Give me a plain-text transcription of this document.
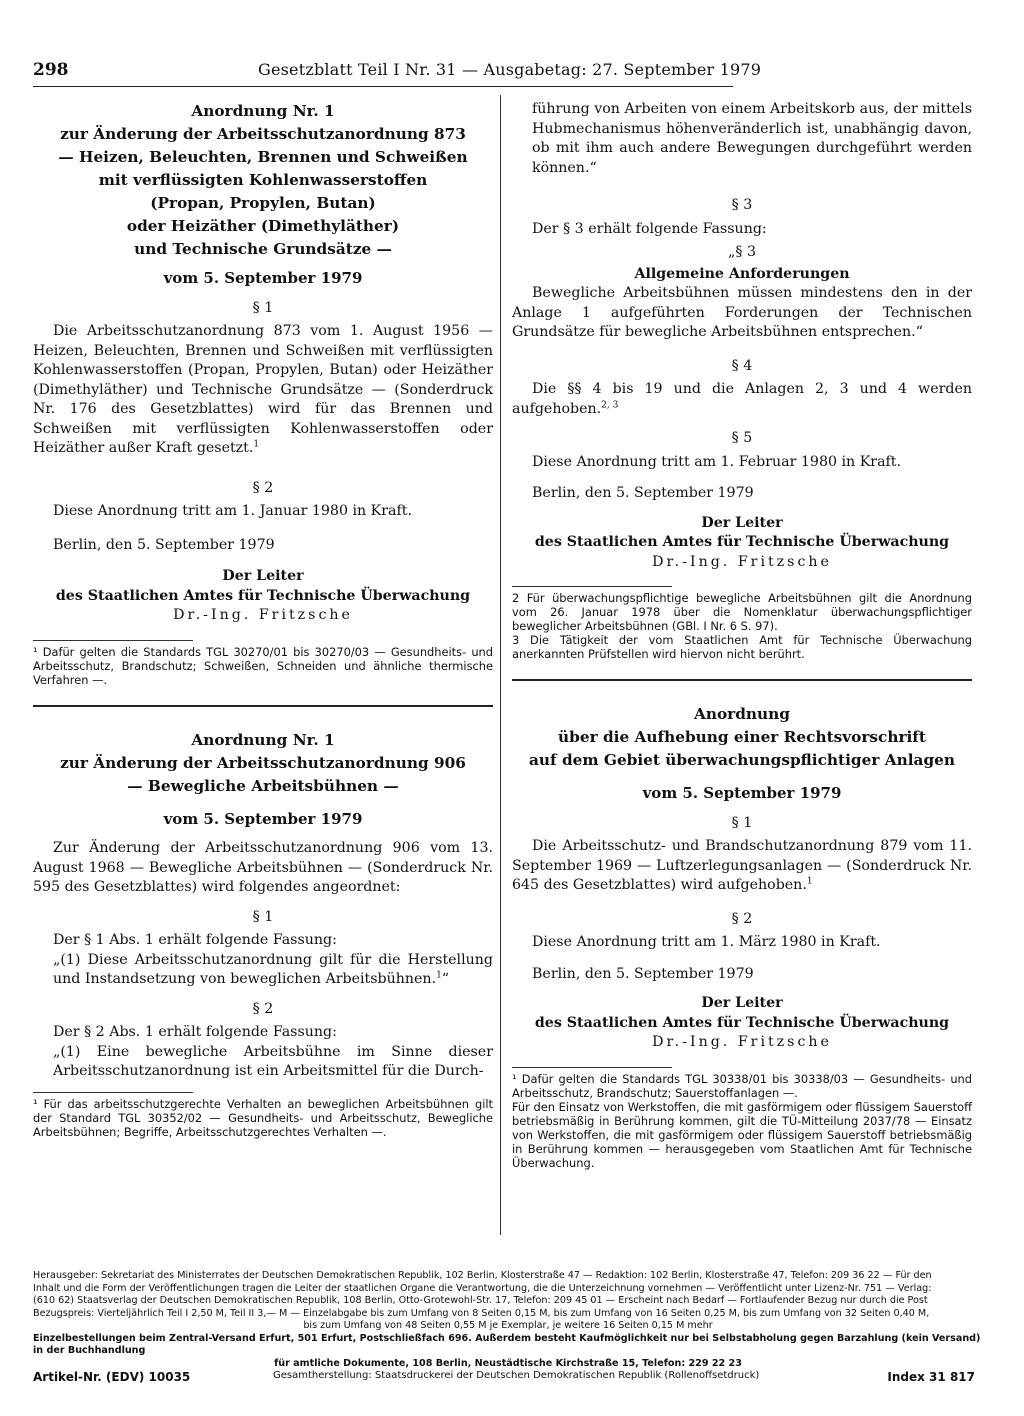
298	Gesetzblatt Teil I Nr. 31 — Ausgabetag: 27. September 1979
Anordnung Nr. 1
zur Änderung der Arbeitsschutzanordnung 873
— Heizen, Beleuchten, Brennen und Schweißen
mit verflüssigten Kohlenwasserstoffen
(Propan, Propylen, Butan)
oder Heizäther (Dimethyläther)
und Technische Grundsätze —
vom 5. September 1979
§ 1

Die Arbeitsschutzanordnung 873 vom 1. August 1956 — Heizen, Beleuchten, Brennen und Schweißen mit verflüssigten Kohlenwasserstoffen (Propan, Propylen, Butan) oder Heizäther (Dimethyläther) und Technische Grundsätze — (Sonderdruck Nr. 176 des Gesetzblattes) wird für das Brennen und Schweißen mit verflüssigten Kohlenwasserstoffen oder Heizäther außer Kraft gesetzt.$^1$

§ 2

Diese Anordnung tritt am 1. Januar 1980 in Kraft.

Berlin, den 5. September 1979

Der Leiter
des Staatlichen Amtes für Technische Überwachung
Dr.-Ing. Fritzsche
¹ Dafür gelten die Standards TGL 30270/01 bis 30270/03 — Gesundheits- und Arbeitsschutz, Brandschutz; Schweißen, Schneiden und ähnliche thermische Verfahren —.
Anordnung Nr. 1
zur Änderung der Arbeitsschutzanordnung 906
— Bewegliche Arbeitsbühnen —
vom 5. September 1979

Zur Änderung der Arbeitsschutzanordnung 906 vom 13. August 1968 — Bewegliche Arbeitsbühnen — (Sonderdruck Nr. 595 des Gesetzblattes) wird folgendes angeordnet:

§ 1

Der § 1 Abs. 1 erhält folgende Fassung:

„(1) Diese Arbeitsschutzanordnung gilt für die Herstellung und Instandsetzung von beweglichen Arbeitsbühnen.$^1$“

§ 2

Der § 2 Abs. 1 erhält folgende Fassung:

„(1) Eine bewegliche Arbeitsbühne im Sinne dieser Arbeitsschutzanordnung ist ein Arbeitsmittel für die Durch-

¹ Für das arbeitsschutzgerechte Verhalten an beweglichen Arbeitsbühnen gilt der Standard TGL 30352/02 — Gesundheits- und Arbeitsschutz, Bewegliche Arbeitsbühnen; Begriffe, Arbeitsschutzgerechtes Verhalten —.

führung von Arbeiten von einem Arbeitskorb aus, der mittels Hubmechanismus höhenveränderlich ist, unabhängig davon, ob mit ihm auch andere Bewegungen durchgeführt werden können.“

§ 3

Der § 3 erhält folgende Fassung:

„§ 3
Allgemeine Anforderungen

Bewegliche Arbeitsbühnen müssen mindestens den in der Anlage 1 aufgeführten Forderungen der Technischen Grundsätze für bewegliche Arbeitsbühnen entsprechen.“

§ 4

Die §§ 4 bis 19 und die Anlagen 2, 3 und 4 werden aufgehoben.$^{2, 3}$

§ 5

Diese Anordnung tritt am 1. Februar 1980 in Kraft.

Berlin, den 5. September 1979

Der Leiter
des Staatlichen Amtes für Technische Überwachung
Dr.-Ing. Fritzsche
2 Für überwachungspflichtige bewegliche Arbeitsbühnen gilt die Anordnung vom 26. Januar 1978 über die Nomenklatur überwachungspflichtiger beweglicher Arbeitsbühnen (GBl. I Nr. 6 S. 97).
3 Die Tätigkeit der vom Staatlichen Amt für Technische Überwachung anerkannten Prüfstellen wird hiervon nicht berührt.
Anordnung
über die Aufhebung einer Rechtsvorschrift
auf dem Gebiet überwachungspflichtiger Anlagen
vom 5. September 1979
§ 1

Die Arbeitsschutz- und Brandschutzanordnung 879 vom 11. September 1969 — Luftzerlegungsanlagen — (Sonderdruck Nr. 645 des Gesetzblattes) wird aufgehoben.$^1$

§ 2

Diese Anordnung tritt am 1. März 1980 in Kraft.

Berlin, den 5. September 1979

Der Leiter
des Staatlichen Amtes für Technische Überwachung
Dr.-Ing. Fritzsche
¹ Dafür gelten die Standards TGL 30338/01 bis 30338/03 — Gesundheits- und Arbeitsschutz, Brandschutz; Sauerstoffanlagen —.
Für den Einsatz von Werkstoffen, die mit gasförmigem oder flüssigem Sauerstoff betriebsmäßig in Berührung kommen, gilt die TÜ-Mitteilung 2037/78 — Einsatz von Werkstoffen, die mit gasförmigem oder flüssigem Sauerstoff betriebsmäßig in Berührung kommen — herausgegeben vom Staatlichen Amt für Technische Überwachung.
Herausgeber: Sekretariat des Ministerrates der Deutschen Demokratischen Republik, 102 Berlin, Klosterstraße 47 — Redaktion: 102 Berlin, Klosterstraße 47, Telefon: 209 36 22 — Für den
Inhalt und die Form der Veröffentlichungen tragen die Leiter der staatlichen Organe die Verantwortung, die die Unterzeichnung vornehmen — Veröffentlicht unter Lizenz-Nr. 751 — Verlag:
(610 62) Staatsverlag der Deutschen Demokratischen Republik, 108 Berlin, Otto-Grotewohl-Str. 17, Telefon: 209 45 01 — Erscheint nach Bedarf — Fortlaufender Bezug nur durch die Post
Bezugspreis: Vierteljährlich Teil I 2,50 M, Teil II 3,— M — Einzelabgabe bis zum Umfang von 8 Seiten 0,15 M, bis zum Umfang von 16 Seiten 0,25 M, bis zum Umfang von 32 Seiten 0,40 M,
bis zum Umfang von 48 Seiten 0,55 M je Exemplar, je weitere 16 Seiten 0,15 M mehr
Einzelbestellungen beim Zentral-Versand Erfurt, 501 Erfurt, Postschließfach 696. Außerdem besteht Kaufmöglichkeit nur bei Selbstabholung gegen Barzahlung (kein Versand) in der Buchhandlung
für amtliche Dokumente, 108 Berlin, Neustädtische Kirchstraße 15, Telefon: 229 22 23
Artikel-Nr. (EDV) 10035	Gesamtherstellung: Staatsdruckerei der Deutschen Demokratischen Republik (Rollenoffsetdruck)	Index 31 817
